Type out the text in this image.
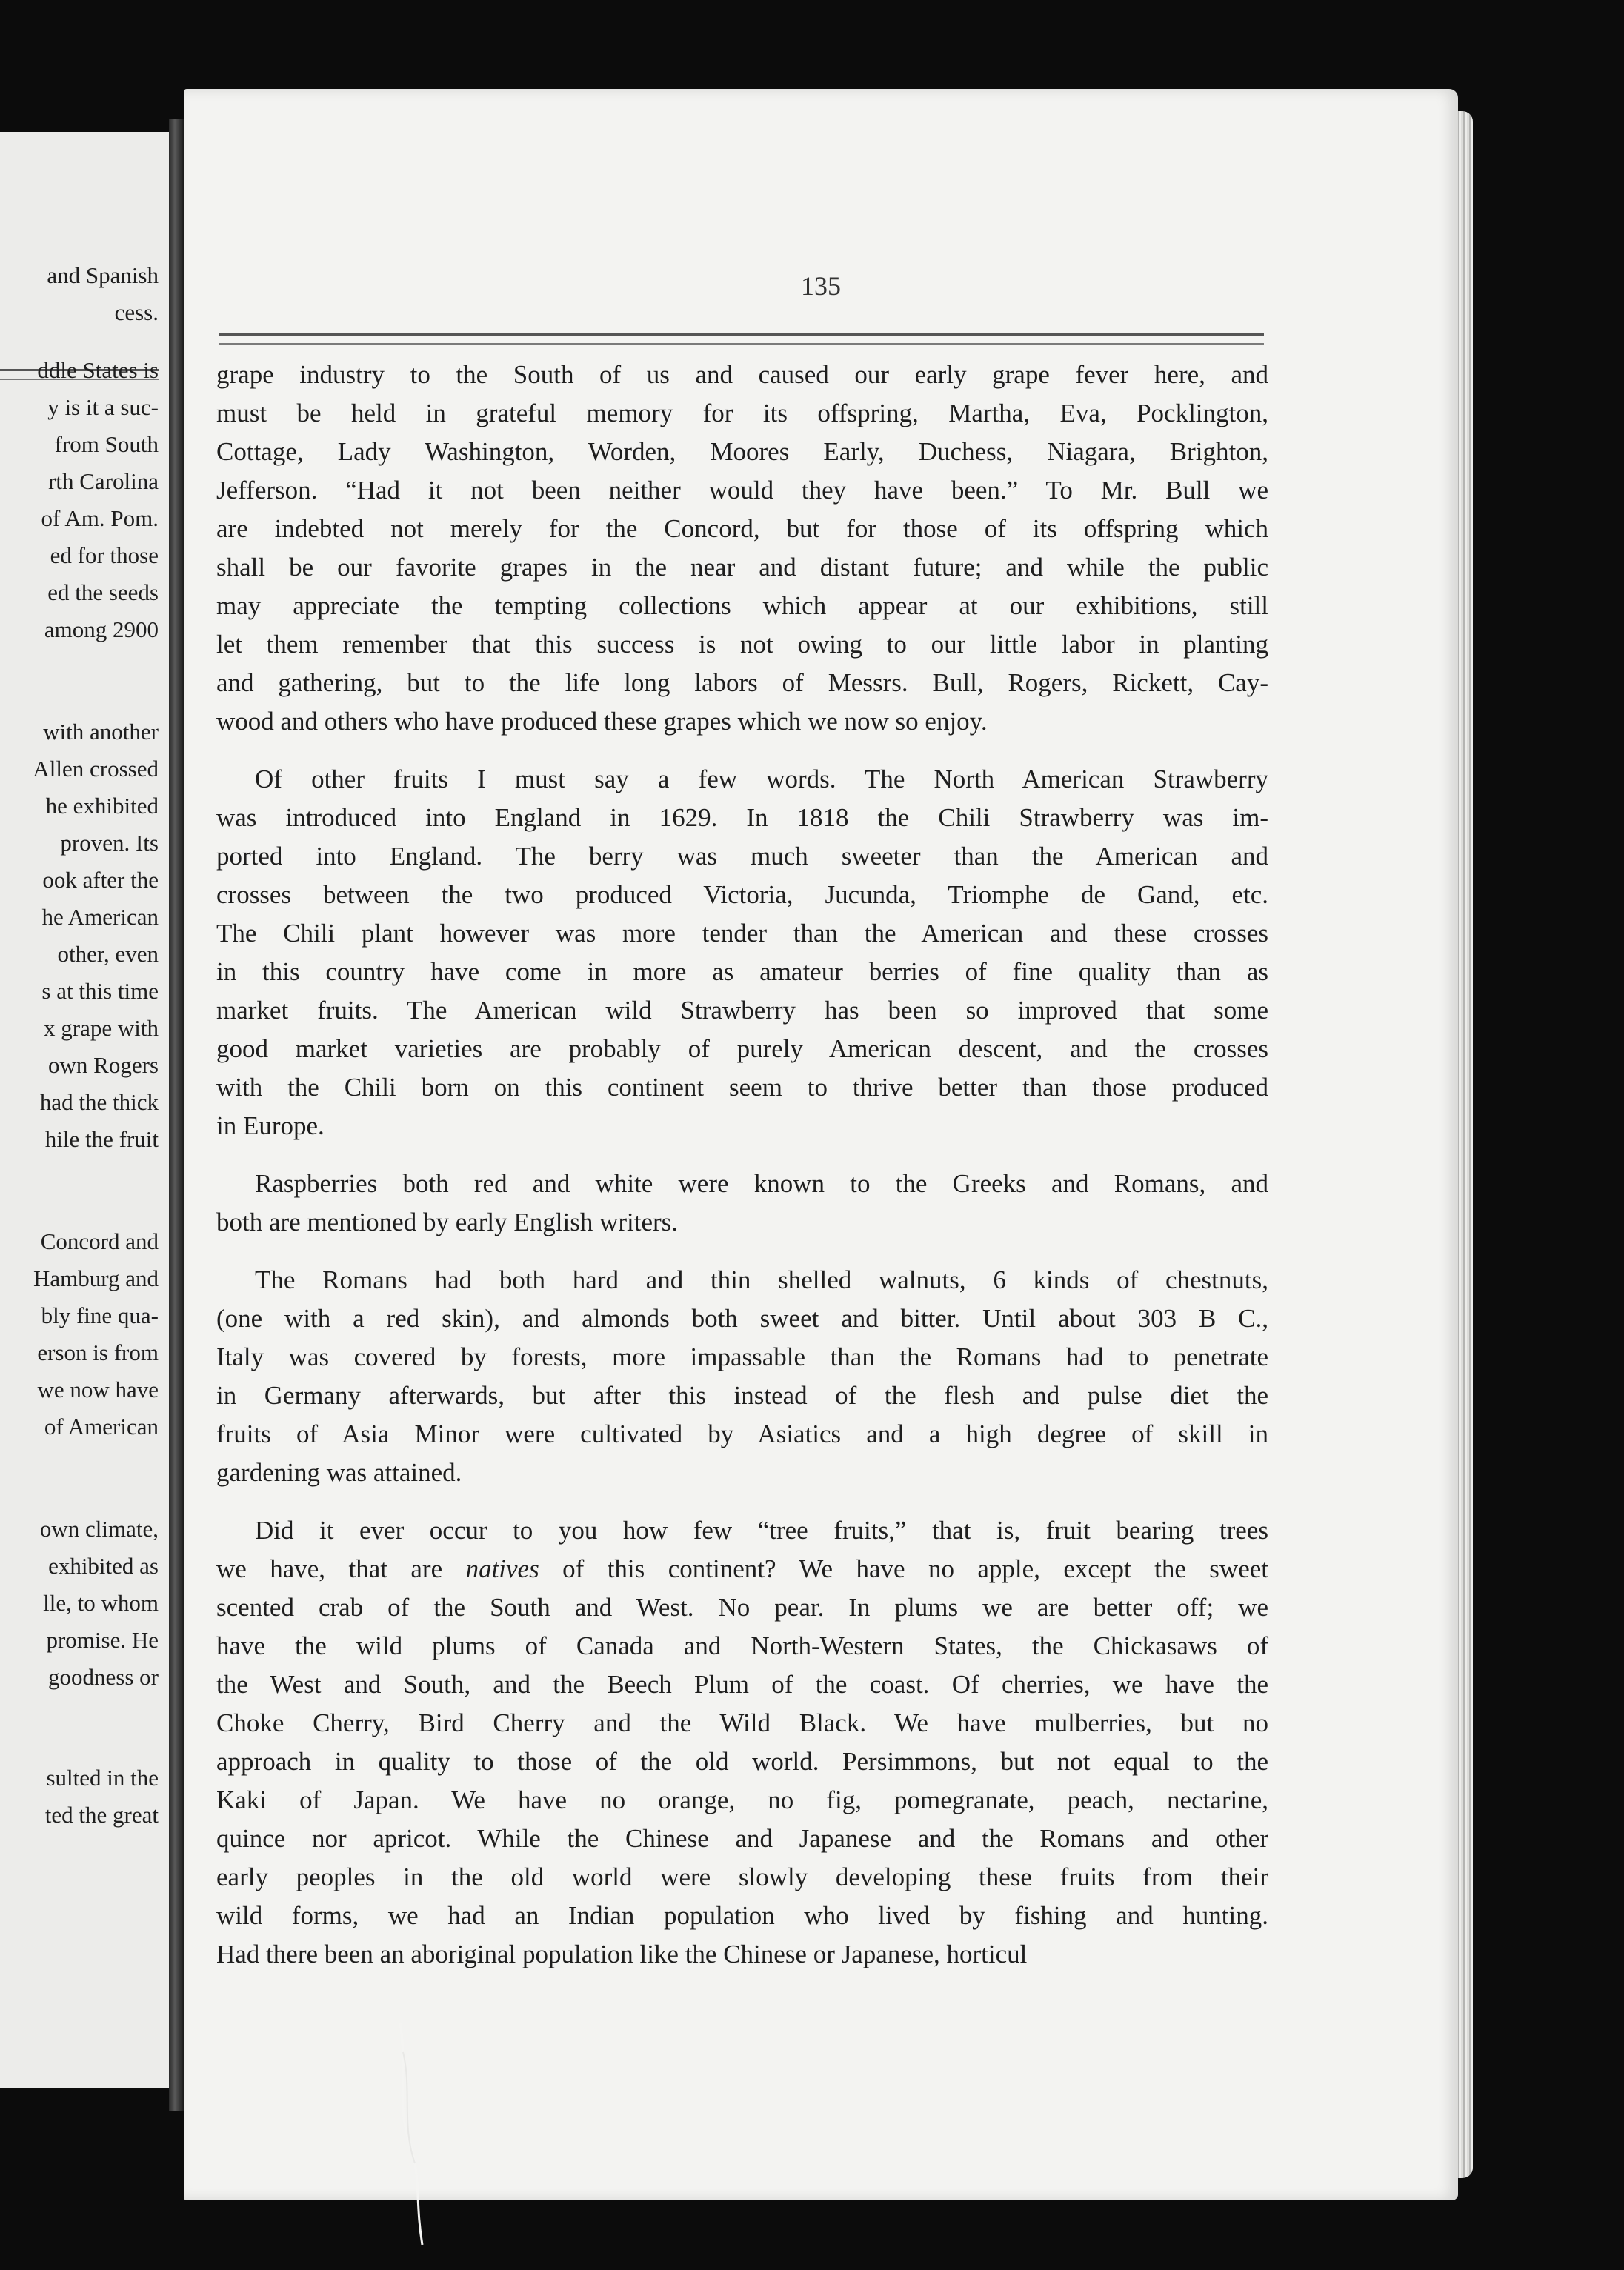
and Spanish
cess.
ddle States is
y is it a suc-
from South
rth Carolina
of Am. Pom.
ed for those
ed the seeds
among 2900
with another
Allen crossed
he exhibited
proven. Its
ook after the
he American
other, even
s at this time
x grape with
own Rogers
had the thick
hile the fruit
Concord and
Hamburg and
bly fine qua-
erson is from
we now have
of American
own climate,
exhibited as
lle, to whom
promise. He
goodness or
sulted in the
ted the great
135
grape industry to the South of us and caused our early grape fever here, and
must be held in grateful memory for its offspring, Martha, Eva, Pocklington,
Cottage, Lady Washington, Worden, Moores Early, Duchess, Niagara, Brighton,
Jefferson. “Had it not been neither would they have been.” To Mr. Bull we
are indebted not merely for the Concord, but for those of its offspring which
shall be our favorite grapes in the near and distant future; and while the public
may appreciate the tempting collections which appear at our exhibitions, still
let them remember that this success is not owing to our little labor in planting
and gathering, but to the life long labors of Messrs. Bull, Rogers, Rickett, Cay-
wood and others who have produced these grapes which we now so enjoy.
Of other fruits I must say a few words. The North American Strawberry
was introduced into England in 1629. In 1818 the Chili Strawberry was im-
ported into England. The berry was much sweeter than the American and
crosses between the two produced Victoria, Jucunda, Triomphe de Gand, etc.
The Chili plant however was more tender than the American and these crosses
in this country have come in more as amateur berries of fine quality than as
market fruits. The American wild Strawberry has been so improved that some
good market varieties are probably of purely American descent, and the crosses
with the Chili born on this continent seem to thrive better than those produced
in Europe.
Raspberries both red and white were known to the Greeks and Romans, and
both are mentioned by early English writers.
The Romans had both hard and thin shelled walnuts, 6 kinds of chestnuts,
(one with a red skin), and almonds both sweet and bitter. Until about 303 B C.,
Italy was covered by forests, more impassable than the Romans had to penetrate
in Germany afterwards, but after this instead of the flesh and pulse diet the
fruits of Asia Minor were cultivated by Asiatics and a high degree of skill in
gardening was attained.
Did it ever occur to you how few “tree fruits,” that is, fruit bearing trees
we have, that are natives of this continent? We have no apple, except the sweet
scented crab of the South and West. No pear. In plums we are better off; we
have the wild plums of Canada and North-Western States, the Chickasaws of
the West and South, and the Beech Plum of the coast. Of cherries, we have the
Choke Cherry, Bird Cherry and the Wild Black. We have mulberries, but no
approach in quality to those of the old world. Persimmons, but not equal to the
Kaki of Japan. We have no orange, no fig, pomegranate, peach, nectarine,
quince nor apricot. While the Chinese and Japanese and the Romans and other
early peoples in the old world were slowly developing these fruits from their
wild forms, we had an Indian population who lived by fishing and hunting.
Had there been an aboriginal population like the Chinese or Japanese, horticul
